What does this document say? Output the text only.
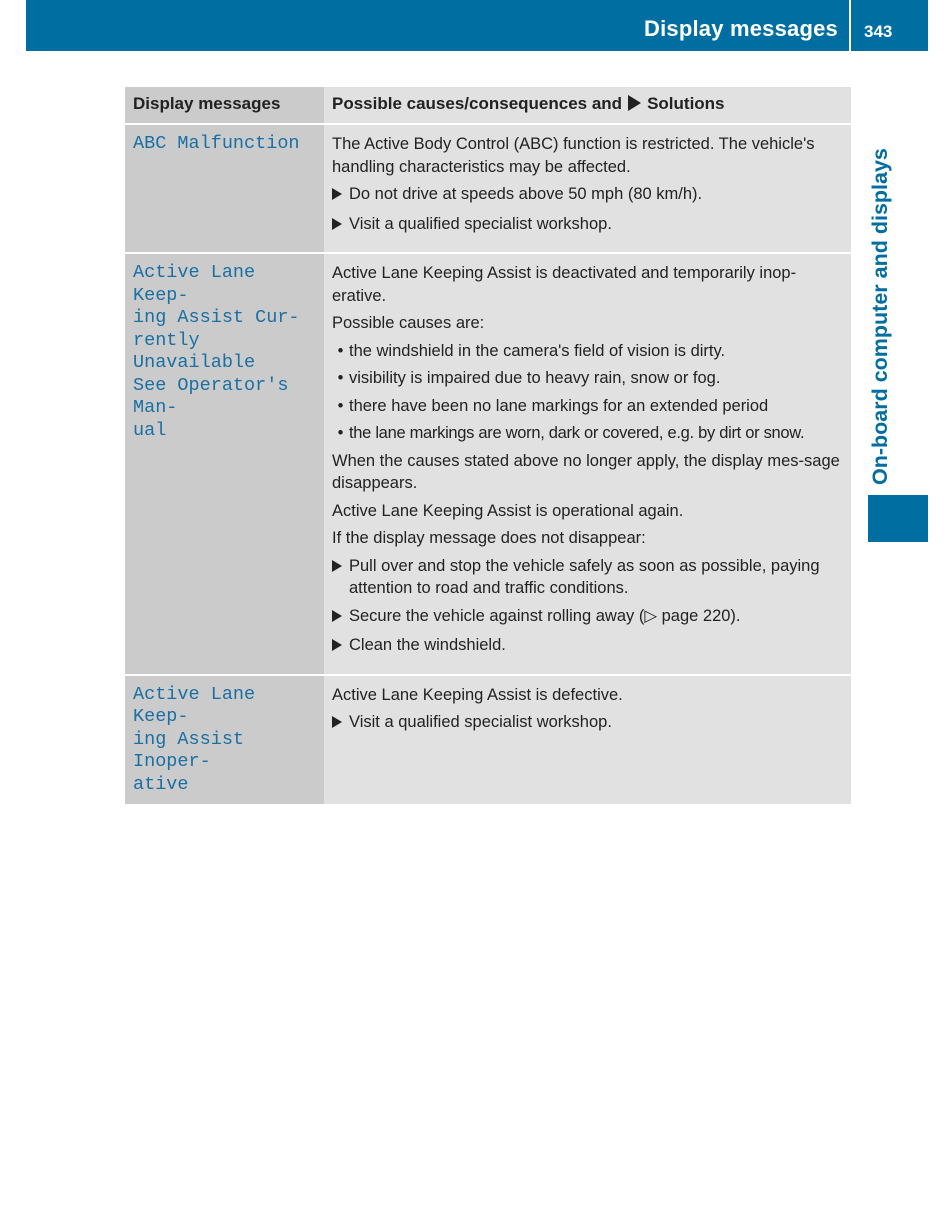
Display messages 343
On-board computer and displays
Display messages	Possible causes/consequences and Solutions
ABC Malfunction	The Active Body Control (ABC) function is restricted. The vehicle's handling characteristics may be affected.
Do not drive at speeds above 50 mph (80 km/h).
Visit a qualified specialist workshop.
Active Lane Keep-
ing Assist Cur-
rently Unavailable
See Operator's Man-
ual
Active Lane Keeping Assist is deactivated and temporarily inop-erative.
Possible causes are:
• the windshield in the camera's field of vision is dirty.
• visibility is impaired due to heavy rain, snow or fog.
• there have been no lane markings for an extended period
• the lane markings are worn, dark or covered, e.g. by dirt or snow.
When the causes stated above no longer apply, the display mes-sage disappears.
Active Lane Keeping Assist is operational again.
If the display message does not disappear:
Pull over and stop the vehicle safely as soon as possible, paying attention to road and traffic conditions.
Secure the vehicle against rolling away (▷ page 220).
Clean the windshield.
Active Lane Keep-
ing Assist Inoper-
ative
Active Lane Keeping Assist is defective.
Visit a qualified specialist workshop.
